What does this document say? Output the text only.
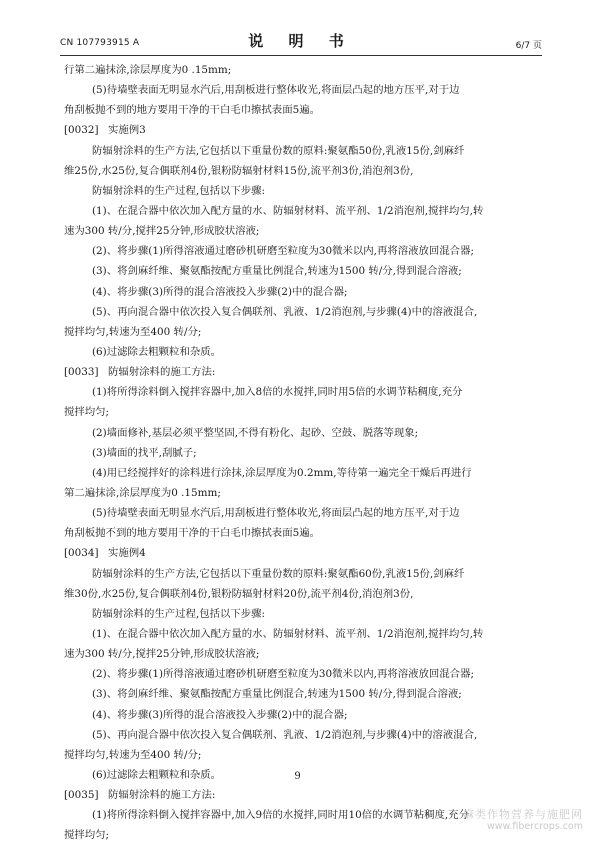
CN 107793915 A	说 明 书	6/7 页
行第二遍抹涂,涂层厚度为0 .15mm;
(5)待墙壁表面无明显水汽后,用刮板进行整体收光,将面层凸起的地方压平,对于边
角刮板抛不到的地方要用干净的干白毛巾擦拭表面5遍。
[0032] 实施例3
防辐射涂料的生产方法,它包括以下重量份数的原料:聚氨酯50份,乳液15份,剑麻纤
维25份,水25份,复合偶联剂4份,银粉防辐射材料15份,流平剂3份,消泡剂3份,
防辐射涂料的生产过程,包括以下步骤:
(1)、在混合器中依次加入配方量的水、防辐射材料、流平剂、1/2消泡剂,搅拌均匀,转
速为300 转/分,搅拌25分钟,形成胶状溶液;
(2)、将步骤(1)所得溶液通过磨砂机研磨至粒度为30微米以内,再将溶液放回混合器;
(3)、将剑麻纤维、聚氨酯按配方重量比例混合,转速为1500 转/分,得到混合溶液;
(4)、将步骤(3)所得的混合溶液投入步骤(2)中的混合器;
(5)、再向混合器中依次投入复合偶联剂、乳液、1/2消泡剂,与步骤(4)中的溶液混合,
搅拌均匀,转速为至400 转/分;
(6)过滤除去粗颗粒和杂质。
[0033] 防辐射涂料的施工方法:
(1)将所得涂料倒入搅拌容器中,加入8倍的水搅拌,同时用5倍的水调节粘稠度,充分
搅拌均匀;
(2)墙面修补,基层必须平整坚固,不得有粉化、起砂、空鼓、脱落等现象;
(3)墙面的找平,刮腻子;
(4)用已经搅拌好的涂料进行涂抹,涂层厚度为0.2mm,等待第一遍完全干燥后再进行
第二遍抹涂,涂层厚度为0 .15mm;
(5)待墙壁表面无明显水汽后,用刮板进行整体收光,将面层凸起的地方压平,对于边
角刮板抛不到的地方要用干净的干白毛巾擦拭表面5遍。
[0034] 实施例4
防辐射涂料的生产方法,它包括以下重量份数的原料:聚氨酯60份,乳液15份,剑麻纤
维30份,水25份,复合偶联剂4份,银粉防辐射材料20份,流平剂4份,消泡剂3份,
防辐射涂料的生产过程,包括以下步骤:
(1)、在混合器中依次加入配方量的水、防辐射材料、流平剂、1/2消泡剂,搅拌均匀,转
速为300 转/分,搅拌25分钟,形成胶状溶液;
(2)、将步骤(1)所得溶液通过磨砂机研磨至粒度为30微米以内,再将溶液放回混合器;
(3)、将剑麻纤维、聚氨酯按配方重量比例混合,转速为1500 转/分,得到混合溶液;
(4)、将步骤(3)所得的混合溶液投入步骤(2)中的混合器;
(5)、再向混合器中依次投入复合偶联剂、乳液、1/2消泡剂,与步骤(4)中的溶液混合,
搅拌均匀,转速为至400 转/分;
(6)过滤除去粗颗粒和杂质。
[0035] 防辐射涂料的施工方法:
(1)将所得涂料倒入搅拌容器中,加入9倍的水搅拌,同时用10倍的水调节粘稠度,充分
搅拌均匀;
9
麻类作物营养与施肥网
www.fibercrops.com
